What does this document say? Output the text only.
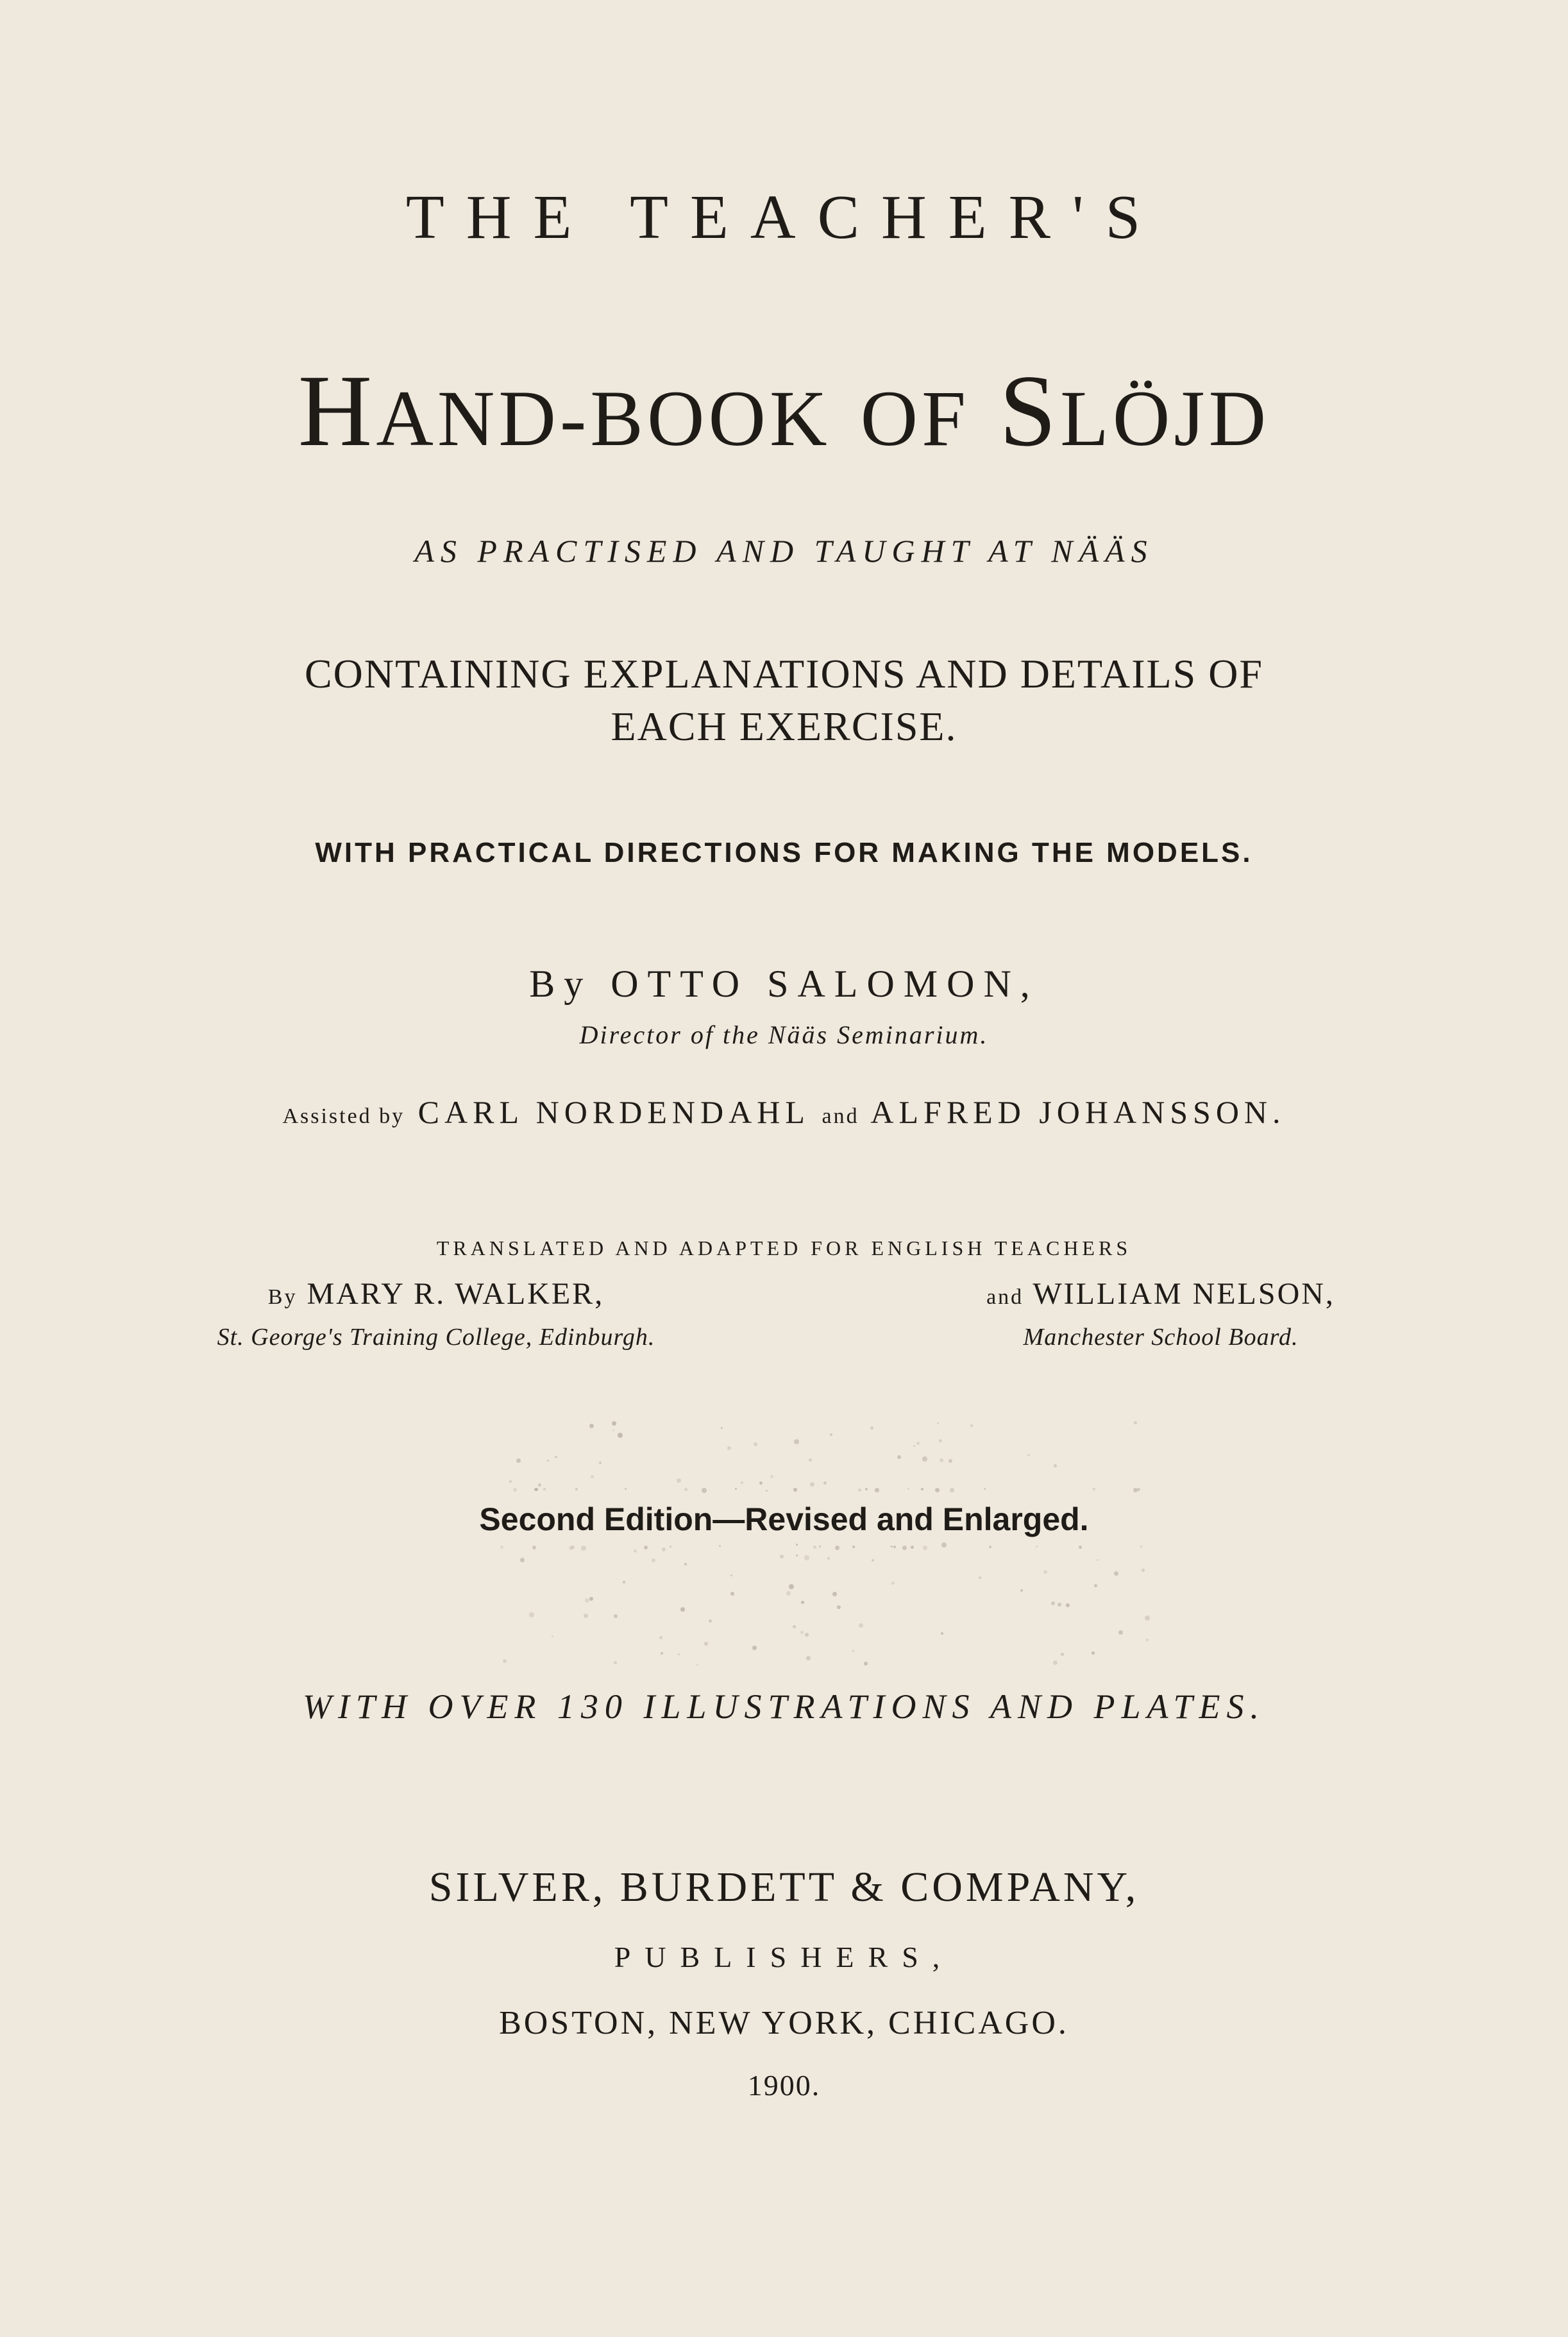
THE TEACHER'S
HAND-BOOK OF SLÖJD
AS PRACTISED AND TAUGHT AT NÄÄS
CONTAINING EXPLANATIONS AND DETAILS OF
EACH EXERCISE.
WITH PRACTICAL DIRECTIONS FOR MAKING THE MODELS.
By OTTO SALOMON,
Director of the Nääs Seminarium.
Assisted by CARL NORDENDAHL and ALFRED JOHANSSON.
TRANSLATED AND ADAPTED FOR ENGLISH TEACHERS
By MARY R. WALKER,
St. George's Training College, Edinburgh.
and WILLIAM NELSON,
Manchester School Board.
Second Edition—Revised and Enlarged.
WITH OVER 130 ILLUSTRATIONS AND PLATES.
SILVER, BURDETT & COMPANY,
PUBLISHERS,
BOSTON, NEW YORK, CHICAGO.
1900.
